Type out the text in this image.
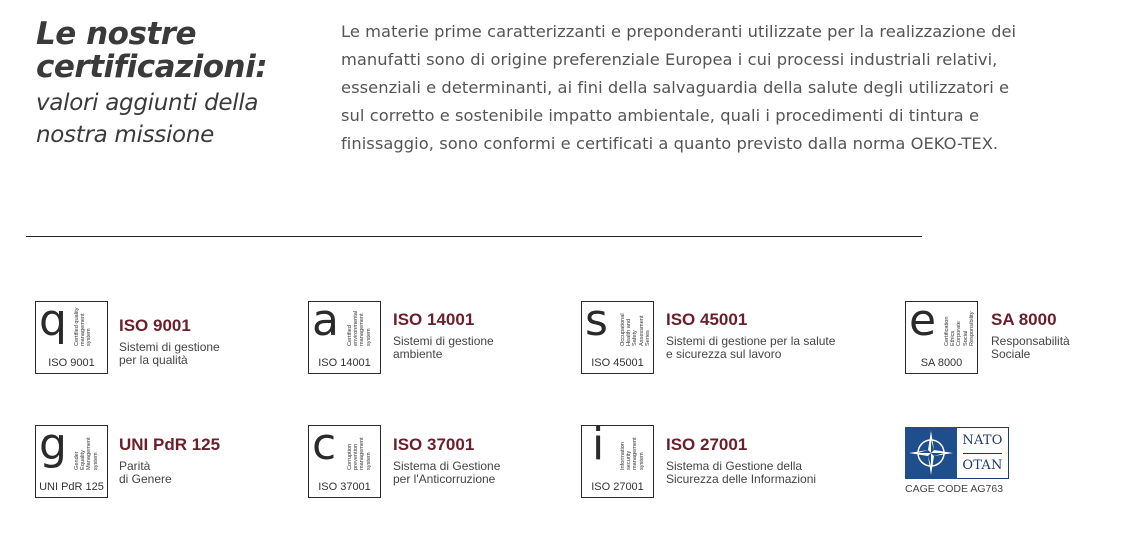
Le nostre
certificazioni:
valori aggiunti della
nostra missione
Le materie prime caratterizzanti e preponderanti utilizzate per la realizzazione dei
manufatti sono di origine preferenziale Europea i cui processi industriali relativi,
essenziali e determinanti, ai fini della salvaguardia della salute degli utilizzatori e
sul corretto e sostenibile impatto ambientale, quali i procedimenti di tintura e
finissaggio, sono conformi e certificati a quanto previsto dalla norma OEKO-TEX.
q Certified quality management system
ISO 9001
ISO 9001
Sistemi di gestione
per la qualità
a Certified environmental management system
ISO 14001
ISO 14001
Sistemi di gestione
ambiente
s Occupational Health and Safety Assessment Series
ISO 45001
ISO 45001
Sistemi di gestione per la salute
e sicurezza sul lavoro
e Certification Ethics Corporate Social Responsibility
SA 8000
SA 8000
Responsabilità
Sociale
g Gender Equality Management system
UNI PdR 125
UNI PdR 125
Parità
di Genere
c Corruption prevention management system
ISO 37001
ISO 37001
Sistema di Gestione
per l'Anticorruzione
i	Information security management system
ISO 27001
ISO 27001
Sistema di Gestione della
Sicurezza delle Informazioni
NATO
OTAN
CAGE CODE AG763
